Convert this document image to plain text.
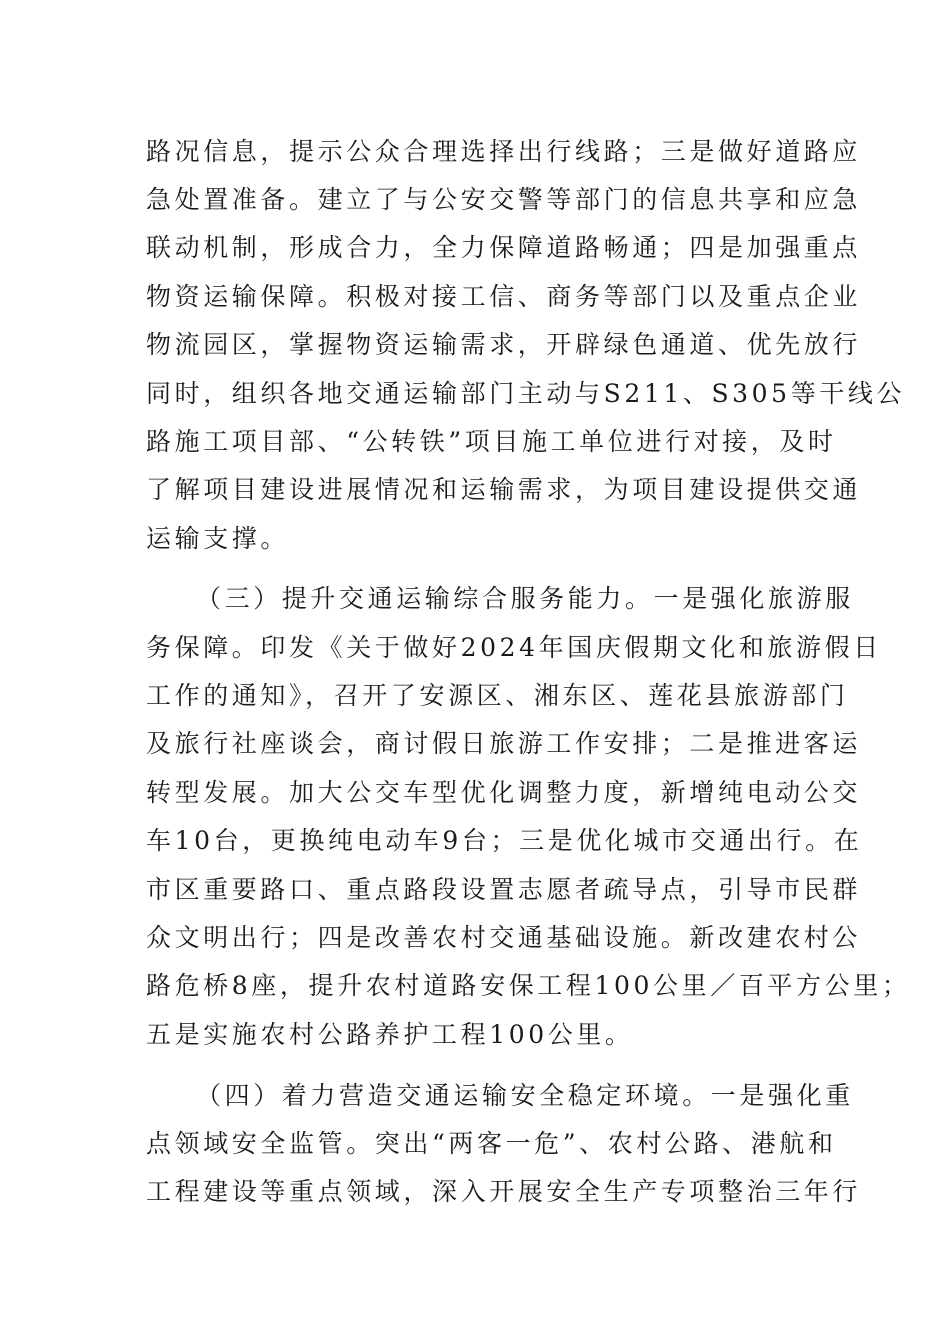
路况信息，提示公众合理选择出行线路；三是做好道路应
急处置准备。建立了与公安交警等部门的信息共享和应急
联动机制，形成合力，全力保障道路畅通；四是加强重点
物资运输保障。积极对接工信、商务等部门以及重点企业
物流园区，掌握物资运输需求，开辟绿色通道、优先放行
同时，组织各地交通运输部门主动与S211、S305等干线公
路施工项目部、“公转铁”项目施工单位进行对接，及时
了解项目建设进展情况和运输需求，为项目建设提供交通
运输支撑。
（三）提升交通运输综合服务能力。一是强化旅游服
务保障。印发《关于做好2024年国庆假期文化和旅游假日
工作的通知》，召开了安源区、湘东区、莲花县旅游部门
及旅行社座谈会，商讨假日旅游工作安排；二是推进客运
转型发展。加大公交车型优化调整力度，新增纯电动公交
车10台，更换纯电动车9台；三是优化城市交通出行。在
市区重要路口、重点路段设置志愿者疏导点，引导市民群
众文明出行；四是改善农村交通基础设施。新改建农村公
路危桥8座，提升农村道路安保工程100公里／百平方公里；
五是实施农村公路养护工程100公里。
（四）着力营造交通运输安全稳定环境。一是强化重
点领域安全监管。突出“两客一危”、农村公路、港航和
工程建设等重点领域，深入开展安全生产专项整治三年行
